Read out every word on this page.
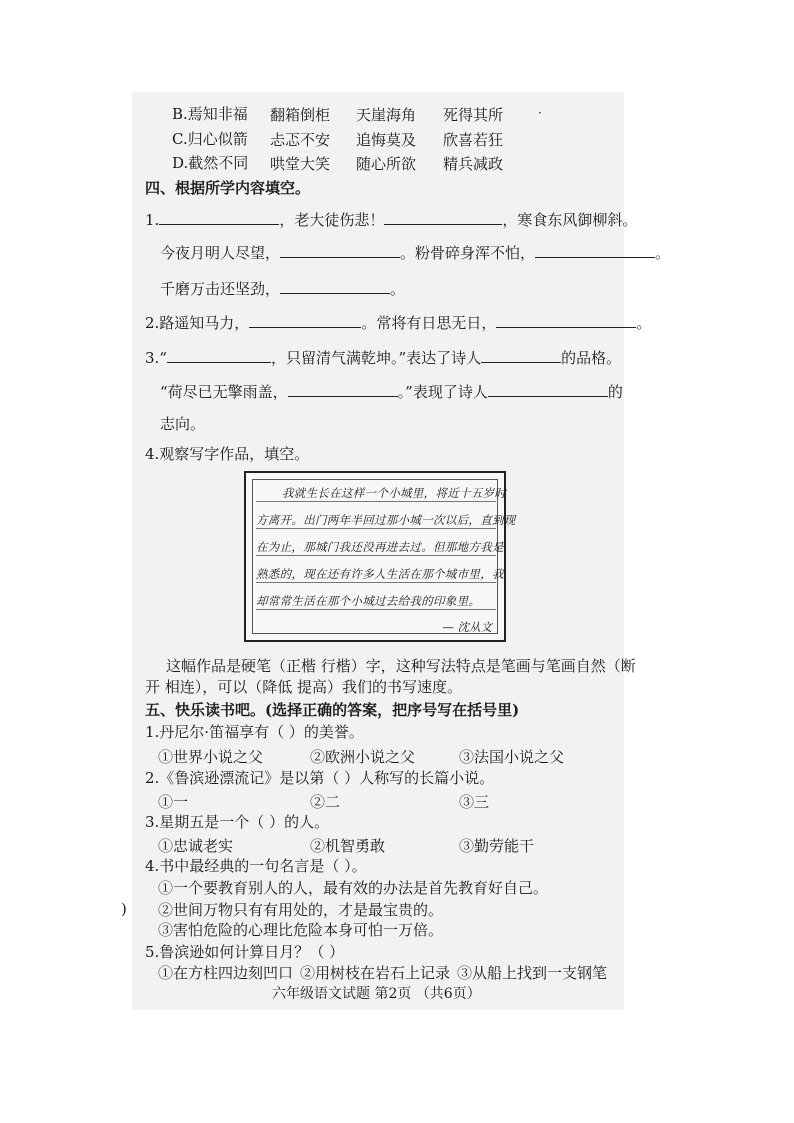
B.焉知非福 翻箱倒柜 天崖海角 死得其所	·
C.归心似箭 忐忑不安 追悔莫及 欣喜若狂
D.截然不同 哄堂大笑 随心所欲 精兵减政
四、根据所学内容填空。
1.	，老大徒伤悲！	，寒食东风御柳斜。
今夜月明人尽望，	。粉骨碎身浑不怕，	。
千磨万击还坚劲，	。
2.路遥知马力，	。常将有日思无日，	。
3.“	，只留清气满乾坤。”表达了诗人	的品格。
“荷尽已无擎雨盖，	。”表现了诗人	的
志向。
4.观察写字作品，填空。
我就生长在这样一个小城里，将近十五岁时
方离开。出门两年半回过那小城一次以后，直到现
在为止，那城门我还没再进去过。但那地方我是
熟悉的，现在还有许多人生活在那个城市里，我
却常常生活在那个小城过去给我的印象里。
— 沈从文
这幅作品是硬笔（正楷 行楷）字，这种写法特点是笔画与笔画自然（断
开 相连），可以（降低 提高）我们的书写速度。
五、快乐读书吧。(选择正确的答案，把序号写在括号里)
1.丹尼尔·笛福享有（ ）的美誉。
①世界小说之父	②欧洲小说之父	③法国小说之父
2.《鲁滨逊漂流记》是以第（ ）人称写的长篇小说。
①一	②二	③三
3.星期五是一个（ ）的人。
①忠诚老实	②机智勇敢	③勤劳能干
4.书中最经典的一句名言是（ ）。
①一个要教育别人的人，最有效的办法是首先教育好自己。
②世间万物只有有用处的，才是最宝贵的。
③害怕危险的心理比危险本身可怕一万倍。
)
5.鲁滨逊如何计算日月？（ ）
①在方柱四边刻凹口 ②用树枝在岩石上记录 ③从船上找到一支钢笔
六年级语文试题 第2页 （共6页）
